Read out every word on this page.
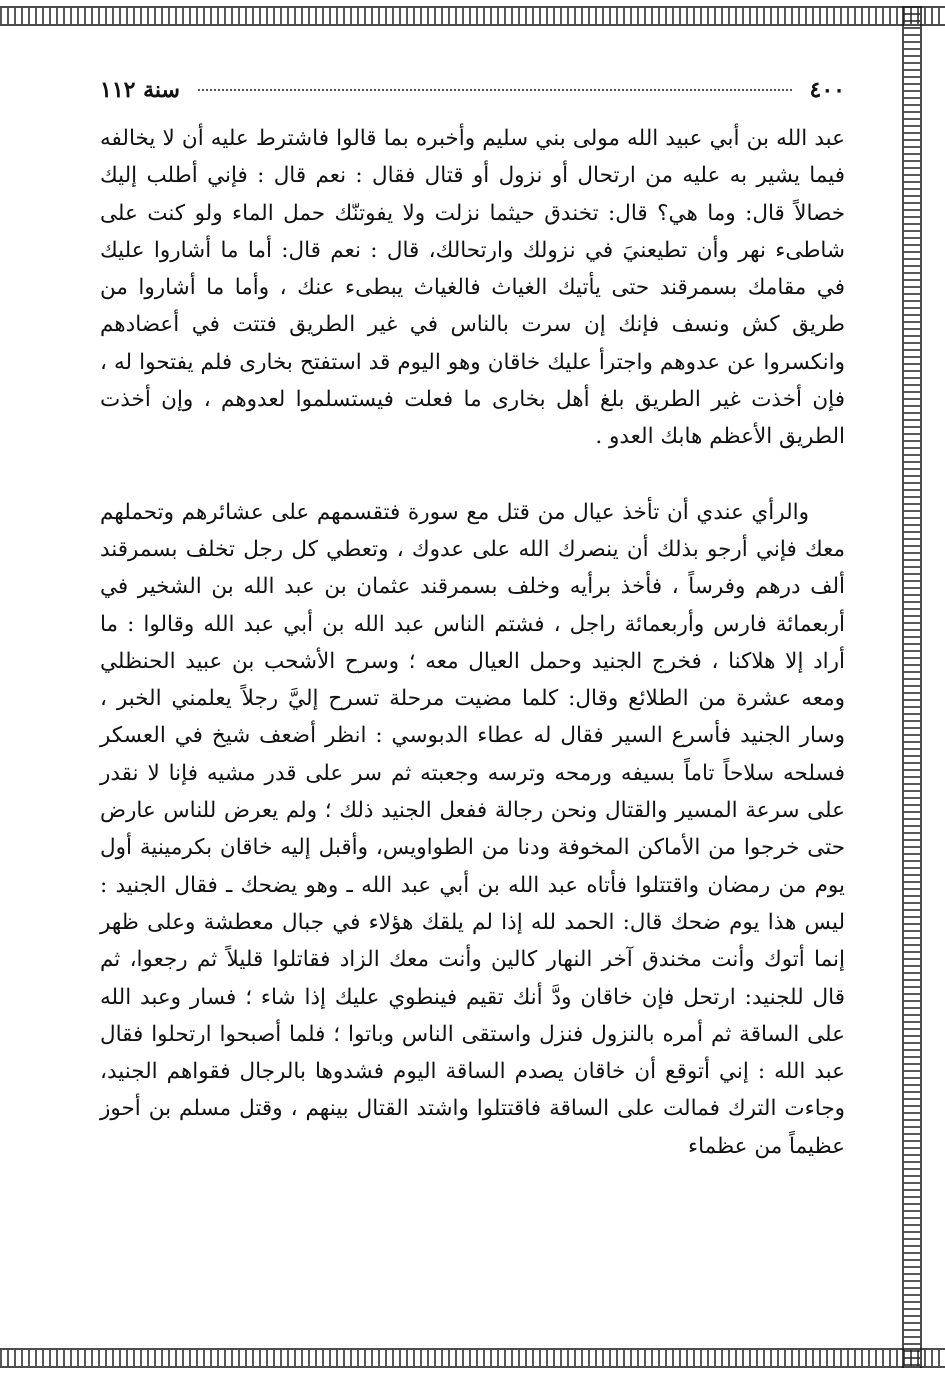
٤٠٠
سنة ١١٢

عبد الله بن أبي عبيد الله مولى بني سليم وأخبره بما قالوا فاشترط عليه أن لا يخالفه فيما يشير به عليه من ارتحال أو نزول أو قتال فقال : نعم قال : فإني أطلب إليك خصالاً قال: وما هي؟ قال: تخندق حيثما نزلت ولا يفوتنّك حمل الماء ولو كنت على شاطىء نهر وأن تطيعنيَ في نزولك وارتحالك، قال : نعم قال: أما ما أشاروا عليك في مقامك بسمرقند حتى يأتيك الغياث فالغياث يبطىء عنك ، وأما ما أشاروا من طريق كش ونسف فإنك إن سرت بالناس في غير الطريق فتتت في أعضادهم وانكسروا عن عدوهم واجترأ عليك خاقان وهو اليوم قد استفتح بخارى فلم يفتحوا له ، فإن أخذت غير الطريق بلغ أهل بخارى ما فعلت فيستسلموا لعدوهم ، وإن أخذت الطريق الأعظم هابك العدو .

والرأي عندي أن تأخذ عيال من قتل مع سورة فتقسمهم على عشائرهم وتحملهم معك فإني أرجو بذلك أن ينصرك الله على عدوك ، وتعطي كل رجل تخلف بسمرقند ألف درهم وفرساً ، فأخذ برأيه وخلف بسمرقند عثمان بن عبد الله بن الشخير في أربعمائة فارس وأربعمائة راجل ، فشتم الناس عبد الله بن أبي عبد الله وقالوا : ما أراد إلا هلاكنا ، فخرج الجنيد وحمل العيال معه ؛ وسرح الأشحب بن عبيد الحنظلي ومعه عشرة من الطلائع وقال: كلما مضيت مرحلة تسرح إليَّ رجلاً يعلمني الخبر ، وسار الجنيد فأسرع السير فقال له عطاء الدبوسي : انظر أضعف شيخ في العسكر فسلحه سلاحاً تاماً بسيفه ورمحه وترسه وجعبته ثم سر على قدر مشيه فإنا لا نقدر على سرعة المسير والقتال ونحن رجالة ففعل الجنيد ذلك ؛ ولم يعرض للناس عارض حتى خرجوا من الأماكن المخوفة ودنا من الطواويس، وأقبل إليه خاقان بكرمينية أول يوم من رمضان واقتتلوا فأتاه عبد الله بن أبي عبد الله ـ وهو يضحك ـ فقال الجنيد : ليس هذا يوم ضحك قال: الحمد لله إذا لم يلقك هؤلاء في جبال معطشة وعلى ظهر إنما أتوك وأنت مخندق آخر النهار كالين وأنت معك الزاد فقاتلوا قليلاً ثم رجعوا، ثم قال للجنيد: ارتحل فإن خاقان ودَّ أنك تقيم فينطوي عليك إذا شاء ؛ فسار وعبد الله على الساقة ثم أمره بالنزول فنزل واستقى الناس وباتوا ؛ فلما أصبحوا ارتحلوا فقال عبد الله : إني أتوقع أن خاقان يصدم الساقة اليوم فشدوها بالرجال فقواهم الجنيد، وجاءت الترك فمالت على الساقة فاقتتلوا واشتد القتال بينهم ، وقتل مسلم بن أحوز عظيماً من عظماء
